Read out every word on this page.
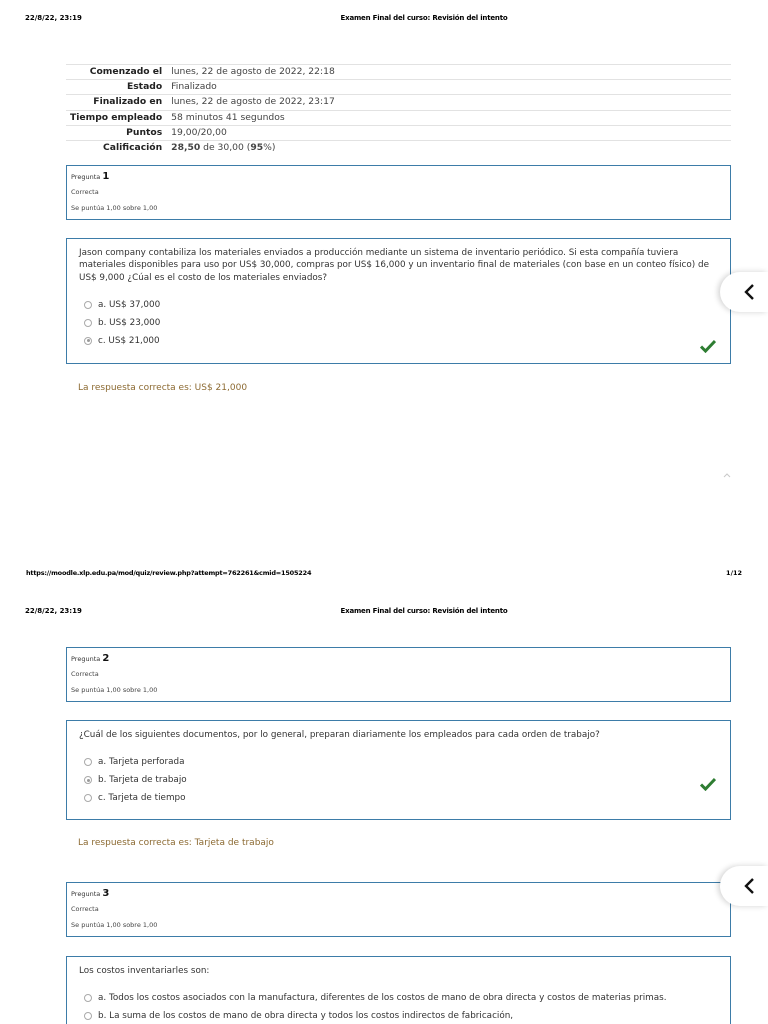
22/8/22, 23:19	Examen Final del curso: Revisión del intento
Comenzado el	lunes, 22 de agosto de 2022, 22:18
Estado	Finalizado
Finalizado en	lunes, 22 de agosto de 2022, 23:17
Tiempo empleado	58 minutos 41 segundos
Puntos	19,00/20,00
Calificación	28,50 de 30,00 (95%)
Pregunta 1
Correcta
Se puntúa 1,00 sobre 1,00
Jason company contabiliza los materiales enviados a producción mediante un sistema de inventario periódico. Si esta compañía tuviera materiales disponibles para uso por US$ 30,000, compras por US$ 16,000 y un inventario final de materiales (con base en un conteo físico) de US$ 9,000 ¿Cúal es el costo de los materiales enviados?
a. US$ 37,000
b. US$ 23,000
c. US$ 21,000
La respuesta correcta es: US$ 21,000
https://moodle.xlp.edu.pa/mod/quiz/review.php?attempt=762261&cmid=1505224	1/12
22/8/22, 23:19	Examen Final del curso: Revisión del intento
Pregunta 2
Correcta
Se puntúa 1,00 sobre 1,00
¿Cuál de los siguientes documentos, por lo general, preparan diariamente los empleados para cada orden de trabajo?
a. Tarjeta perforada
b. Tarjeta de trabajo
c. Tarjeta de tiempo
La respuesta correcta es: Tarjeta de trabajo
Pregunta 3
Correcta
Se puntúa 1,00 sobre 1,00
Los costos inventariarles son:
a. Todos los costos asociados con la manufactura, diferentes de los costos de mano de obra directa y costos de materias primas.
b. La suma de los costos de mano de obra directa y todos los costos indirectos de fabricación,
